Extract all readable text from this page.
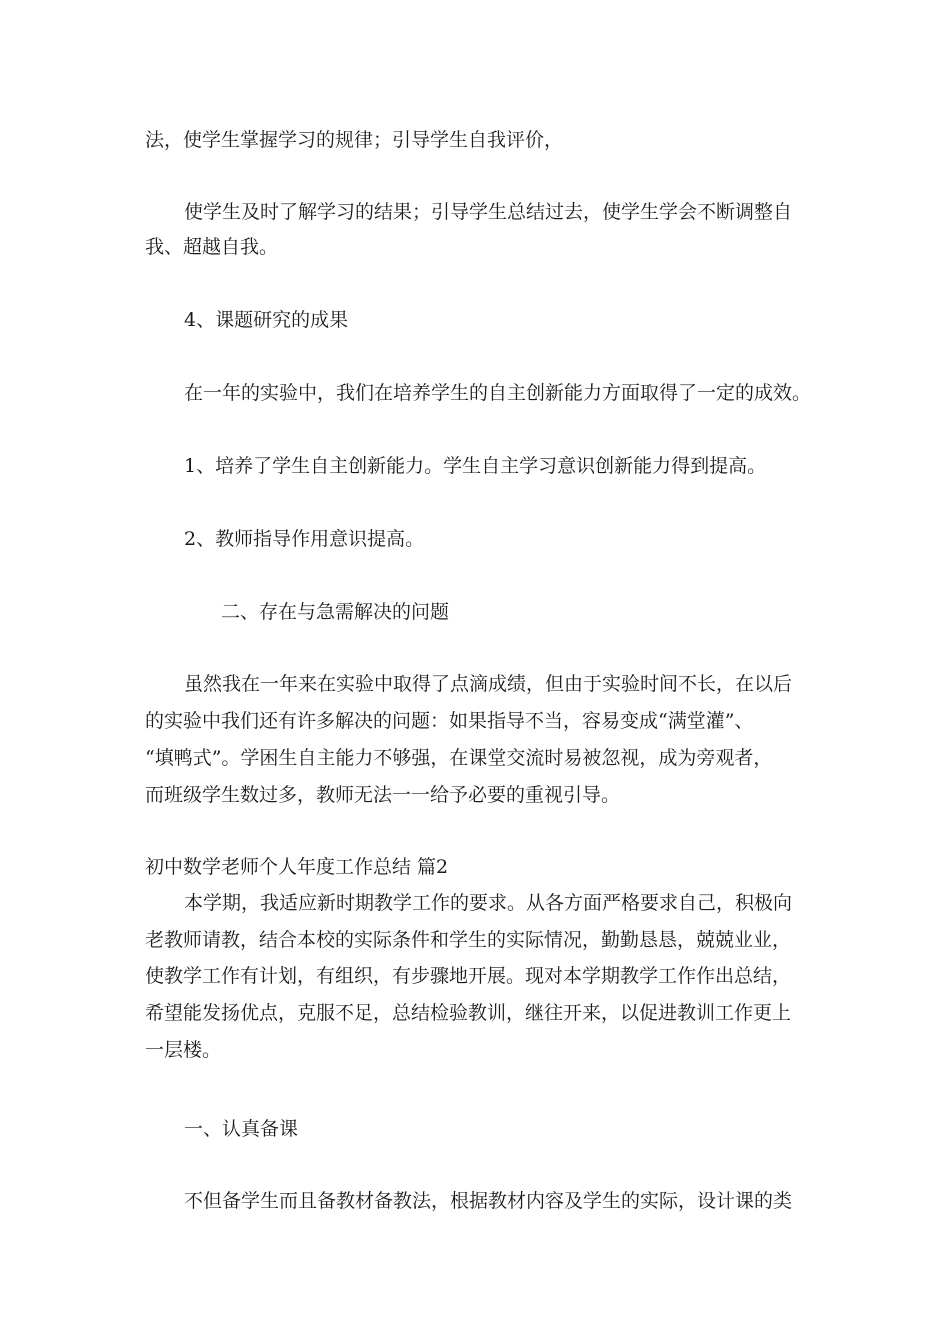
法，使学生掌握学习的规律；引导学生自我评价，

使学生及时了解学习的结果；引导学生总结过去，使学生学会不断调整自

我、超越自我。

4、课题研究的成果

在一年的实验中，我们在培养学生的自主创新能力方面取得了一定的成效。

1、培养了学生自主创新能力。学生自主学习意识创新能力得到提高。

2、教师指导作用意识提高。

二、存在与急需解决的问题

虽然我在一年来在实验中取得了点滴成绩，但由于实验时间不长，在以后

的实验中我们还有许多解决的问题：如果指导不当，容易变成“满堂灌”、

“填鸭式”。学困生自主能力不够强，在课堂交流时易被忽视，成为旁观者，

而班级学生数过多，教师无法一一给予必要的重视引导。

初中数学老师个人年度工作总结 篇2

本学期，我适应新时期教学工作的要求。从各方面严格要求自己，积极向

老教师请教，结合本校的实际条件和学生的实际情况，勤勤恳恳，兢兢业业，

使教学工作有计划，有组织，有步骤地开展。现对本学期教学工作作出总结，

希望能发扬优点，克服不足，总结检验教训，继往开来，以促进教训工作更上

一层楼。

一、认真备课

不但备学生而且备教材备教法，根据教材内容及学生的实际，设计课的类
